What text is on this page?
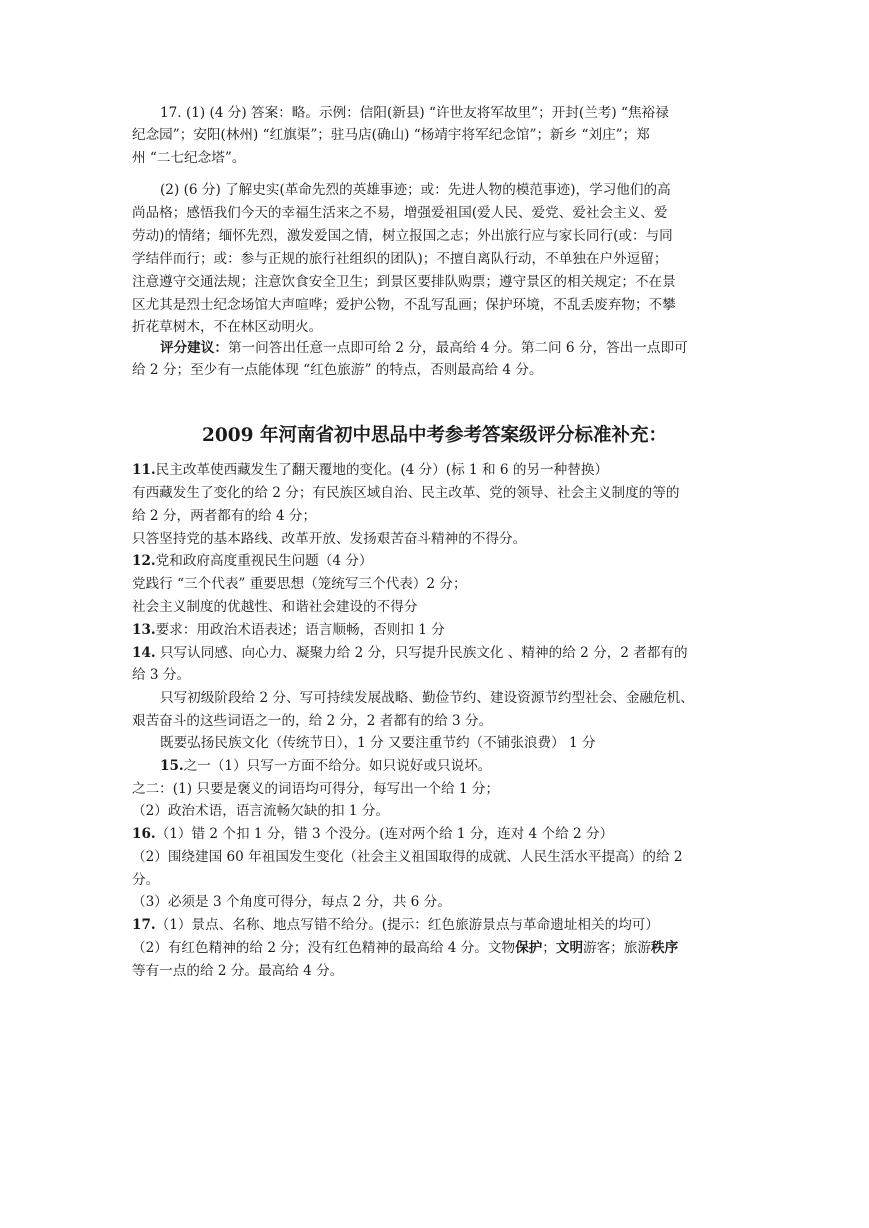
17. (1) (4 分) 答案：略。示例：信阳(新县) “许世友将军故里”；开封(兰考) “焦裕禄
纪念园”；安阳(林州) “红旗渠”；驻马店(确山) “杨靖宇将军纪念馆”；新乡 “刘庄”；郑
州 “二七纪念塔”。
(2) (6 分) 了解史实(革命先烈的英雄事迹；或：先进人物的模范事迹)，学习他们的高
尚品格；感悟我们今天的幸福生活来之不易，增强爱祖国(爱人民、爱党、爱社会主义、爱
劳动)的情绪；缅怀先烈，激发爱国之情，树立报国之志；外出旅行应与家长同行(或：与同
学结伴而行；或：参与正规的旅行社组织的团队)；不擅自离队行动，不单独在户外逗留；
注意遵守交通法规；注意饮食安全卫生；到景区要排队购票；遵守景区的相关规定；不在景
区尤其是烈士纪念场馆大声喧哗；爱护公物，不乱写乱画；保护环境，不乱丢废弃物；不攀
折花草树木，不在林区动明火。
评分建议：第一问答出任意一点即可给 2 分，最高给 4 分。第二问 6 分，答出一点即可
给 2 分；至少有一点能体现 “红色旅游” 的特点，否则最高给 4 分。
2009 年河南省初中思品中考参考答案级评分标准补充：
11.民主改革使西藏发生了翻天覆地的变化。(4 分）(标 1 和 6 的另一种替换）
有西藏发生了变化的给 2 分；有民族区域自治、民主改革、党的领导、社会主义制度的等的
给 2 分，两者都有的给 4 分；
只答坚持党的基本路线、改革开放、发扬艰苦奋斗精神的不得分。
12.党和政府高度重视民生问题（4 分）
党践行 “三个代表” 重要思想（笼统写三个代表）2 分；
社会主义制度的优越性、和谐社会建设的不得分
13.要求：用政治术语表述；语言顺畅，否则扣 1 分
14. 只写认同感、向心力、凝聚力给 2 分，只写提升民族文化 、精神的给 2 分，2 者都有的
给 3 分。
只写初级阶段给 2 分、写可持续发展战略、勤俭节约、建设资源节约型社会、金融危机、
艰苦奋斗的这些词语之一的，给 2 分，2 者都有的给 3 分。
既要弘扬民族文化（传统节日），1 分 又要注重节约（不铺张浪费） 1 分
15.之一（1）只写一方面不给分。如只说好或只说坏。
之二：(1) 只要是褒义的词语均可得分，每写出一个给 1 分；
（2）政治术语，语言流畅欠缺的扣 1 分。
16.（1）错 2 个扣 1 分，错 3 个没分。(连对两个给 1 分，连对 4 个给 2 分）
（2）围绕建国 60 年祖国发生变化（社会主义祖国取得的成就、人民生活水平提高）的给 2
分。
（3）必须是 3 个角度可得分，每点 2 分，共 6 分。
17.（1）景点、名称、地点写错不给分。(提示：红色旅游景点与革命遗址相关的均可）
（2）有红色精神的给 2 分；没有红色精神的最高给 4 分。文物保护；文明游客；旅游秩序
等有一点的给 2 分。最高给 4 分。
